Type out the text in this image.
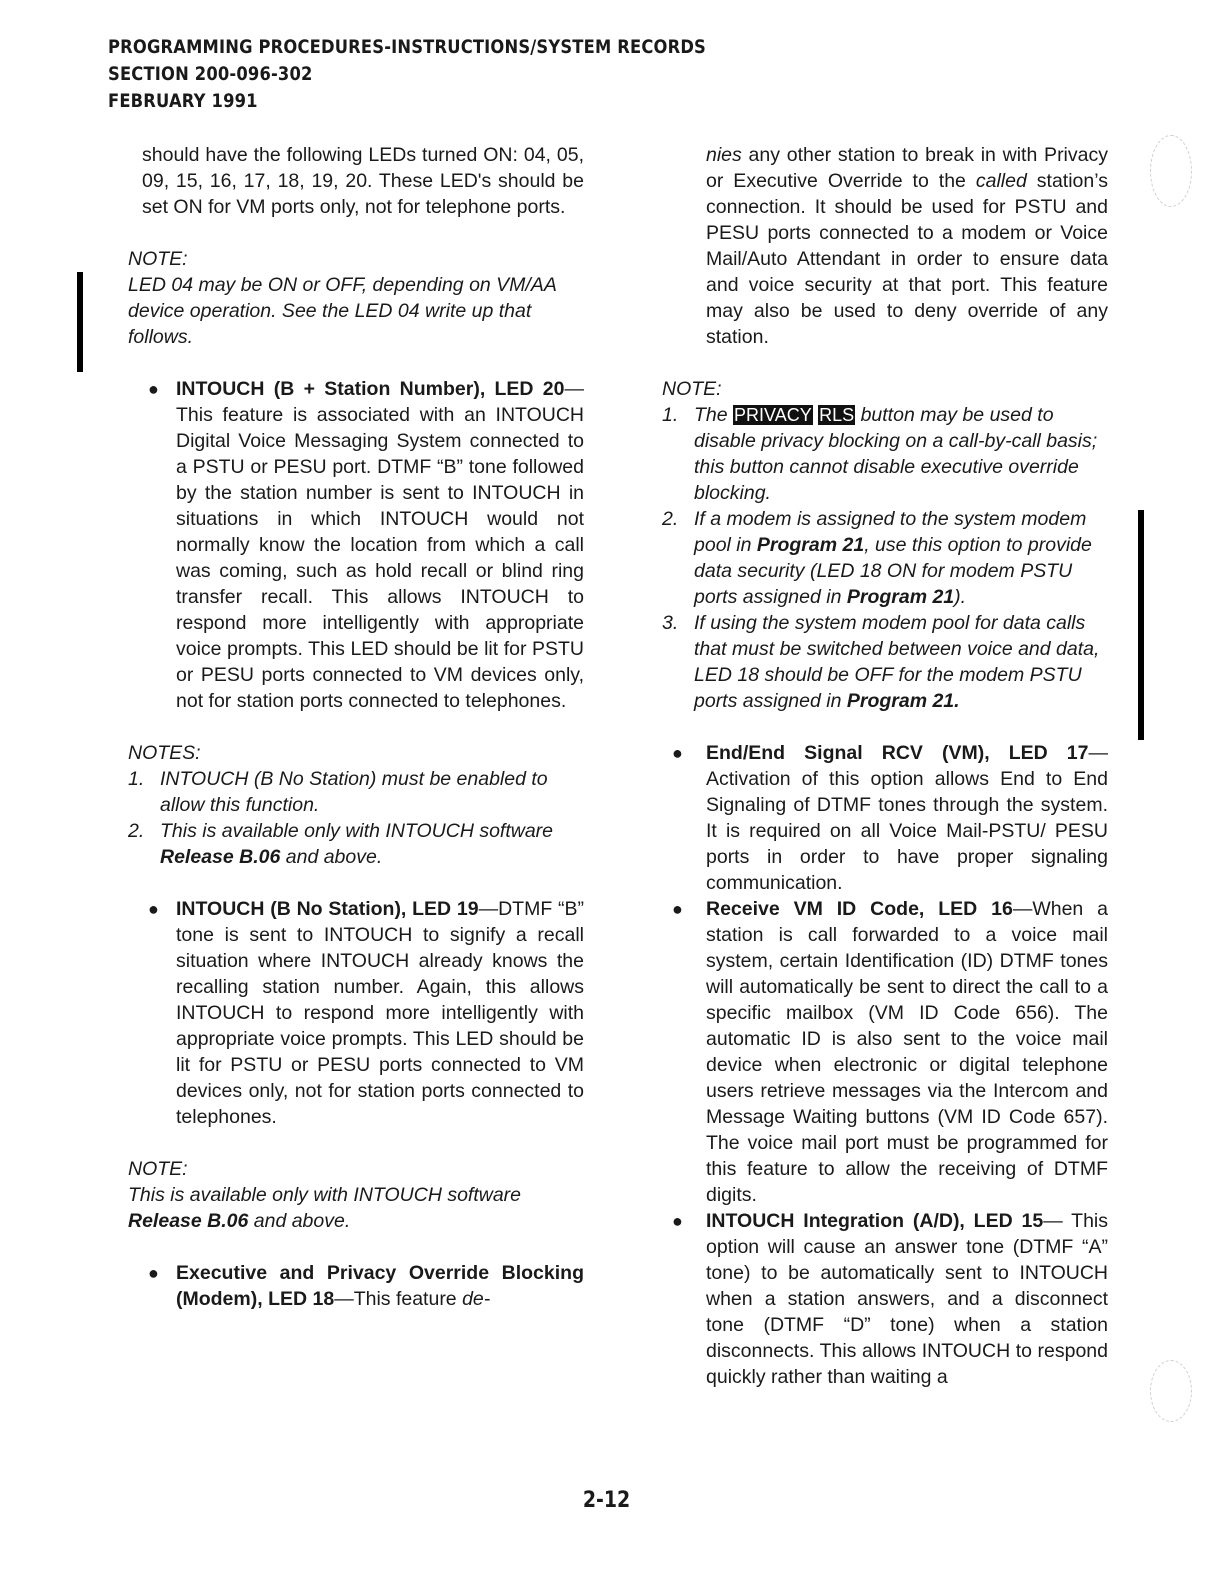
PROGRAMMING PROCEDURES-INSTRUCTIONS/SYSTEM RECORDS
SECTION 200-096-302
FEBRUARY 1991

should have the following LEDs turned ON: 04, 05, 09, 15, 16, 17, 18, 19, 20. These LED's should be set ON for VM ports only, not for telephone ports.

NOTE:
LED 04 may be ON or OFF, depending on VM/AA device operation. See the LED 04 write up that follows.
● INTOUCH (B + Station Number), LED 20—This feature is associated with an INTOUCH Digital Voice Messaging System connected to a PSTU or PESU port. DTMF “B” tone followed by the station number is sent to INTOUCH in situations in which INTOUCH would not normally know the location from which a call was coming, such as hold recall or blind ring transfer recall. This allows INTOUCH to respond more intelligently with appropriate voice prompts. This LED should be lit for PSTU or PESU ports connected to VM devices only, not for station ports connected to telephones.
NOTES:
1. INTOUCH (B No Station) must be enabled to allow this function.
2. This is available only with INTOUCH software Release B.06 and above.
● INTOUCH (B No Station), LED 19—DTMF “B” tone is sent to INTOUCH to signify a recall situation where INTOUCH already knows the recalling station number. Again, this allows INTOUCH to respond more intelligently with appropriate voice prompts. This LED should be lit for PSTU or PESU ports connected to VM devices only, not for station ports connected to telephones.
NOTE:
This is available only with INTOUCH software Release B.06 and above.
● Executive and Privacy Override Blocking (Modem), LED 18—This feature de-

nies any other station to break in with Privacy or Executive Override to the called station’s connection. It should be used for PSTU and PESU ports connected to a modem or Voice Mail/Auto Attendant in order to ensure data and voice security at that port. This feature may also be used to deny override of any station.

NOTE:
1. The PRIVACY RLS button may be used to disable privacy blocking on a call-by-call basis; this button cannot disable executive override blocking.
2. If a modem is assigned to the system modem pool in Program 21, use this option to provide data security (LED 18 ON for modem PSTU ports assigned in Program 21).
3. If using the system modem pool for data calls that must be switched between voice and data, LED 18 should be OFF for the modem PSTU ports assigned in Program 21.
● End/End Signal RCV (VM), LED 17— Activation of this option allows End to End Signaling of DTMF tones through the system. It is required on all Voice Mail-PSTU/ PESU ports in order to have proper signaling communication.
● Receive VM ID Code, LED 16—When a station is call forwarded to a voice mail system, certain Identification (ID) DTMF tones will automatically be sent to direct the call to a specific mailbox (VM ID Code 656). The automatic ID is also sent to the voice mail device when electronic or digital telephone users retrieve messages via the Intercom and Message Waiting buttons (VM ID Code 657). The voice mail port must be programmed for this feature to allow the receiving of DTMF digits.
● INTOUCH Integration (A/D), LED 15— This option will cause an answer tone (DTMF “A” tone) to be automatically sent to INTOUCH when a station answers, and a disconnect tone (DTMF “D” tone) when a station disconnects. This allows INTOUCH to respond quickly rather than waiting a
2-12
